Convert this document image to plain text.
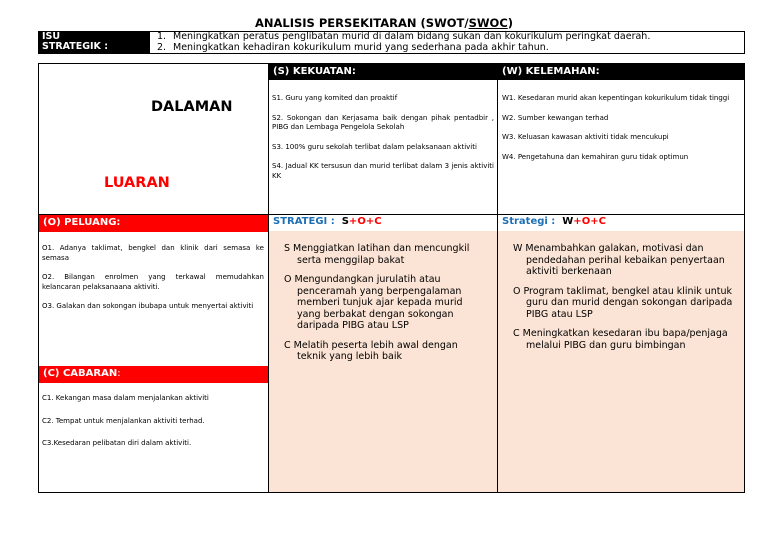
ANALISIS PERSEKITARAN (SWOT/SWOC)
ISU
STRATEGIK :
1. Meningkatkan peratus penglibatan murid di dalam bidang sukan dan kokurikulum peringkat daerah.
2. Meningkatkan kehadiran kokurikulum murid yang sederhana pada akhir tahun.
DALAMAN
LUARAN
(S) KEKUATAN:

S1. Guru yang komited dan proaktif

S2. Sokongan dan Kerjasama baik dengan pihak pentadbir , PIBG dan Lembaga Pengelola Sekolah

S3. 100% guru sekolah terlibat dalam pelaksanaan aktiviti

S4. Jadual KK tersusun dan murid terlibat dalam 3 jenis aktiviti KK

(W) KELEMAHAN:

W1. Kesedaran murid akan kepentingan kokurikulum tidak tinggi

W2. Sumber kewangan terhad

W3. Keluasan kawasan aktiviti tidak mencukupi

W4. Pengetahuna dan kemahiran guru tidak optimun

(O) PELUANG:

O1. Adanya taklimat, bengkel dan klinik dari semasa ke semasa

O2. Bilangan enrolmen yang terkawal memudahkan kelancaran pelaksanaana aktiviti.

O3. Galakan dan sokongan ibubapa untuk menyertai aktiviti

(C) CABARAN:

C1. Kekangan masa dalam menjalankan aktiviti

C2. Tempat untuk menjalankan aktiviti terhad.

C3.Kesedaran pelibatan diri dalam aktiviti.

STRATEGI : S+O+C
S Menggiatkan latihan dan mencungkil serta menggilap bakat
O Mengundangkan jurulatih atau penceramah yang berpengalaman memberi tunjuk ajar kepada murid yang berbakat dengan sokongan daripada PIBG atau LSP
C Melatih peserta lebih awal dengan teknik yang lebih baik
Strategi : W+O+C
W Menambahkan galakan, motivasi dan pendedahan perihal kebaikan penyertaan aktiviti berkenaan
O Program taklimat, bengkel atau klinik untuk guru dan murid dengan sokongan daripada PIBG atau LSP
C Meningkatkan kesedaran ibu bapa/penjaga melalui PIBG dan guru bimbingan
